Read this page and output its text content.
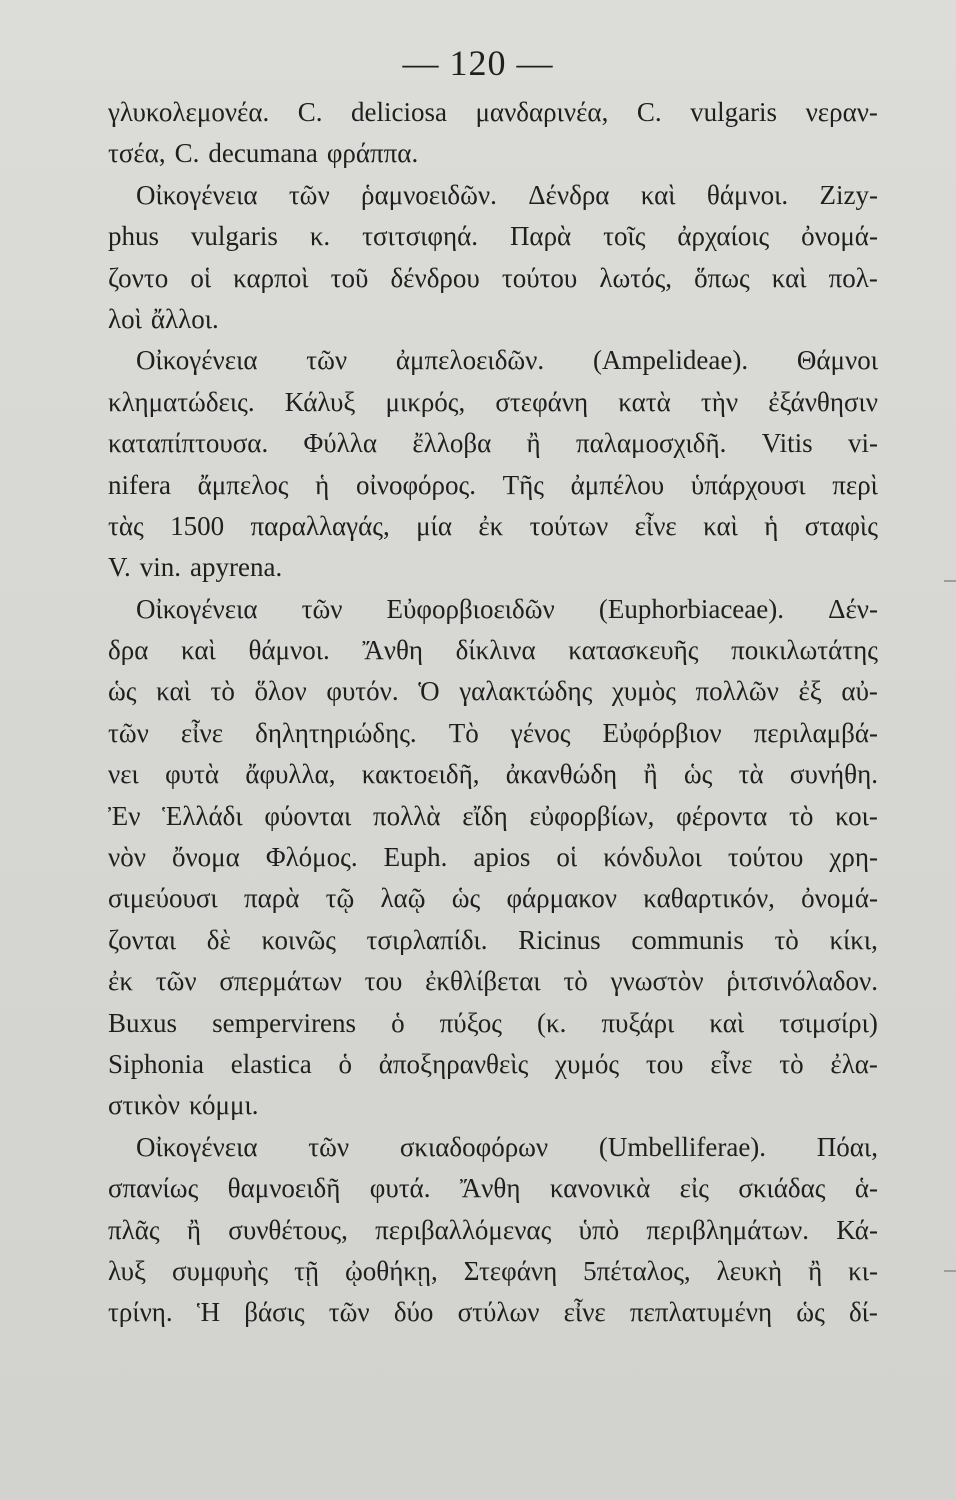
— 120 —
γλυκολεμονέα. C. deliciosa μανδαρινέα, C. vulgaris νεραν-
τσέα, C. decumana φράππα.
Οἰκογένεια τῶν ῥαμνοειδῶν. Δένδρα καὶ θάμνοι. Zizy-
phus vulgaris κ. τσιτσιφηά. Παρὰ τοῖς ἀρχαίοις ὀνομά-
ζοντο οἱ καρποὶ τοῦ δένδρου τούτου λωτός, ὅπως καὶ πολ-
λοὶ ἄλλοι.
Οἰκογένεια τῶν ἀμπελοειδῶν. (Ampelideae). Θάμνοι
κληματώδεις. Κάλυξ μικρός, στεφάνη κατὰ τὴν ἐξάνθησιν
καταπίπτουσα. Φύλλα ἔλλοβα ἢ παλαμοσχιδῆ. Vitis vi-
nifera ἄμπελος ἡ οἰνοφόρος. Τῆς ἀμπέλου ὑπάρχουσι περὶ
τὰς 1500 παραλλαγάς, μία ἐκ τούτων εἶνε καὶ ἡ σταφὶς
V. vin. apyrena.
Οἰκογένεια τῶν Εὐφορβιοειδῶν (Euphorbiaceae). Δέν-
δρα καὶ θάμνοι. Ἄνθη δίκλινα κατασκευῆς ποικιλωτάτης
ὡς καὶ τὸ ὅλον φυτόν. Ὁ γαλακτώδης χυμὸς πολλῶν ἐξ αὐ-
τῶν εἶνε δηλητηριώδης. Τὸ γένος Εὐφόρβιον περιλαμβά-
νει φυτὰ ἄφυλλα, κακτοειδῆ, ἀκανθώδη ἢ ὡς τὰ συνήθη.
Ἐν Ἑλλάδι φύονται πολλὰ εἴδη εὐφορβίων, φέροντα τὸ κοι-
νὸν ὄνομα Φλόμος. Euph. apios οἱ κόνδυλοι τούτου χρη-
σιμεύουσι παρὰ τῷ λαῷ ὡς φάρμακον καθαρτικόν, ὀνομά-
ζονται δὲ κοινῶς τσιρλαπίδι. Ricinus communis τὸ κίκι,
ἐκ τῶν σπερμάτων του ἐκθλίβεται τὸ γνωστὸν ῥιτσινόλαδον.
Buxus sempervirens ὁ πύξος (κ. πυξάρι καὶ τσιμσίρι)
Siphonia elastica ὁ ἀποξηρανθεὶς χυμός του εἶνε τὸ ἐλα-
στικὸν κόμμι.
Οἰκογένεια τῶν σκιαδοφόρων (Umbelliferae). Πόαι,
σπανίως θαμνοειδῆ φυτά. Ἄνθη κανονικὰ εἰς σκιάδας ἁ-
πλᾶς ἢ συνθέτους, περιβαλλόμενας ὑπὸ περιβλημάτων. Κά-
λυξ συμφυὴς τῇ ᾠοθήκῃ, Στεφάνη 5πέταλος, λευκὴ ἢ κι-
τρίνη. Ἡ βάσις τῶν δύο στύλων εἶνε πεπλατυμένη ὡς δί-
